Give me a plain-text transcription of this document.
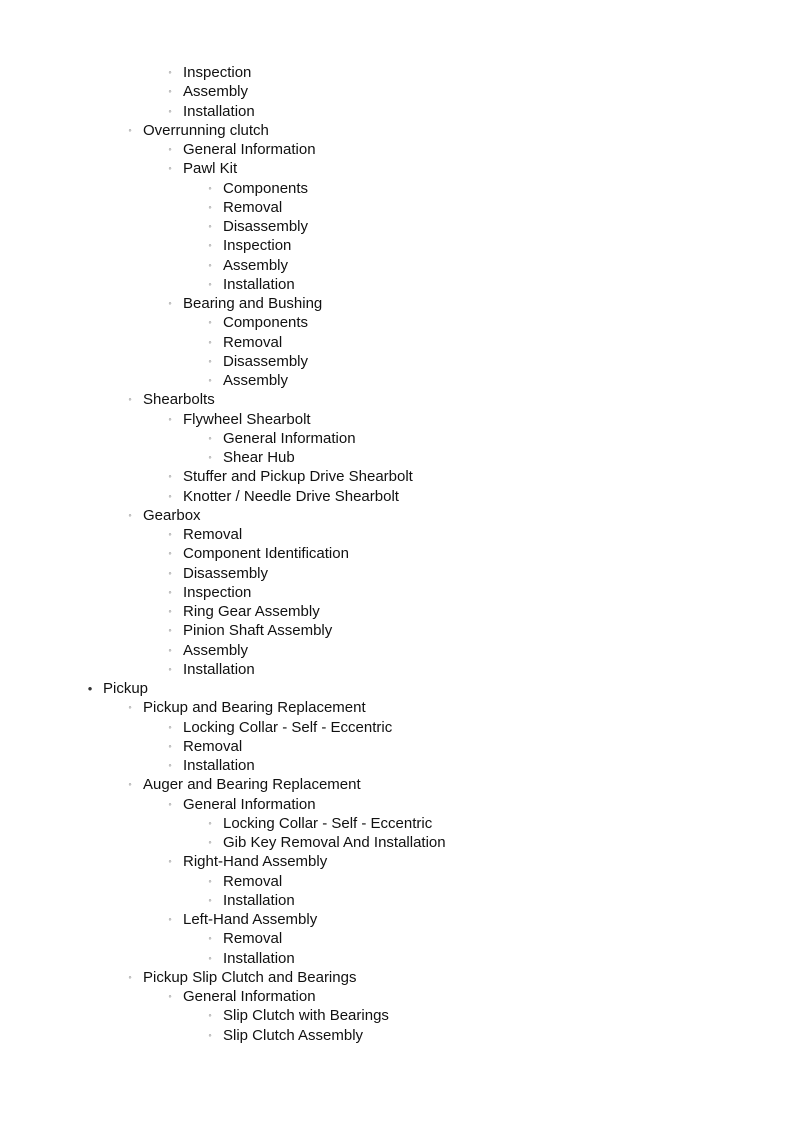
◦ Inspection
◦ Assembly
◦ Installation
◦ Overrunning clutch
◦ General Information
◦ Pawl Kit
◦ Components
◦ Removal
◦ Disassembly
◦ Inspection
◦ Assembly
◦ Installation
◦ Bearing and Bushing
◦ Components
◦ Removal
◦ Disassembly
◦ Assembly
◦ Shearbolts
◦ Flywheel Shearbolt
◦ General Information
◦ Shear Hub
◦ Stuffer and Pickup Drive Shearbolt
◦ Knotter / Needle Drive Shearbolt
◦ Gearbox
◦ Removal
◦ Component Identification
◦ Disassembly
◦ Inspection
◦ Ring Gear Assembly
◦ Pinion Shaft Assembly
◦ Assembly
◦ Installation
• Pickup
◦ Pickup and Bearing Replacement
◦ Locking Collar - Self - Eccentric
◦ Removal
◦ Installation
◦ Auger and Bearing Replacement
◦ General Information
◦ Locking Collar - Self - Eccentric
◦ Gib Key Removal And Installation
◦ Right-Hand Assembly
◦ Removal
◦ Installation
◦ Left-Hand Assembly
◦ Removal
◦ Installation
◦ Pickup Slip Clutch and Bearings
◦ General Information
◦ Slip Clutch with Bearings
◦ Slip Clutch Assembly
